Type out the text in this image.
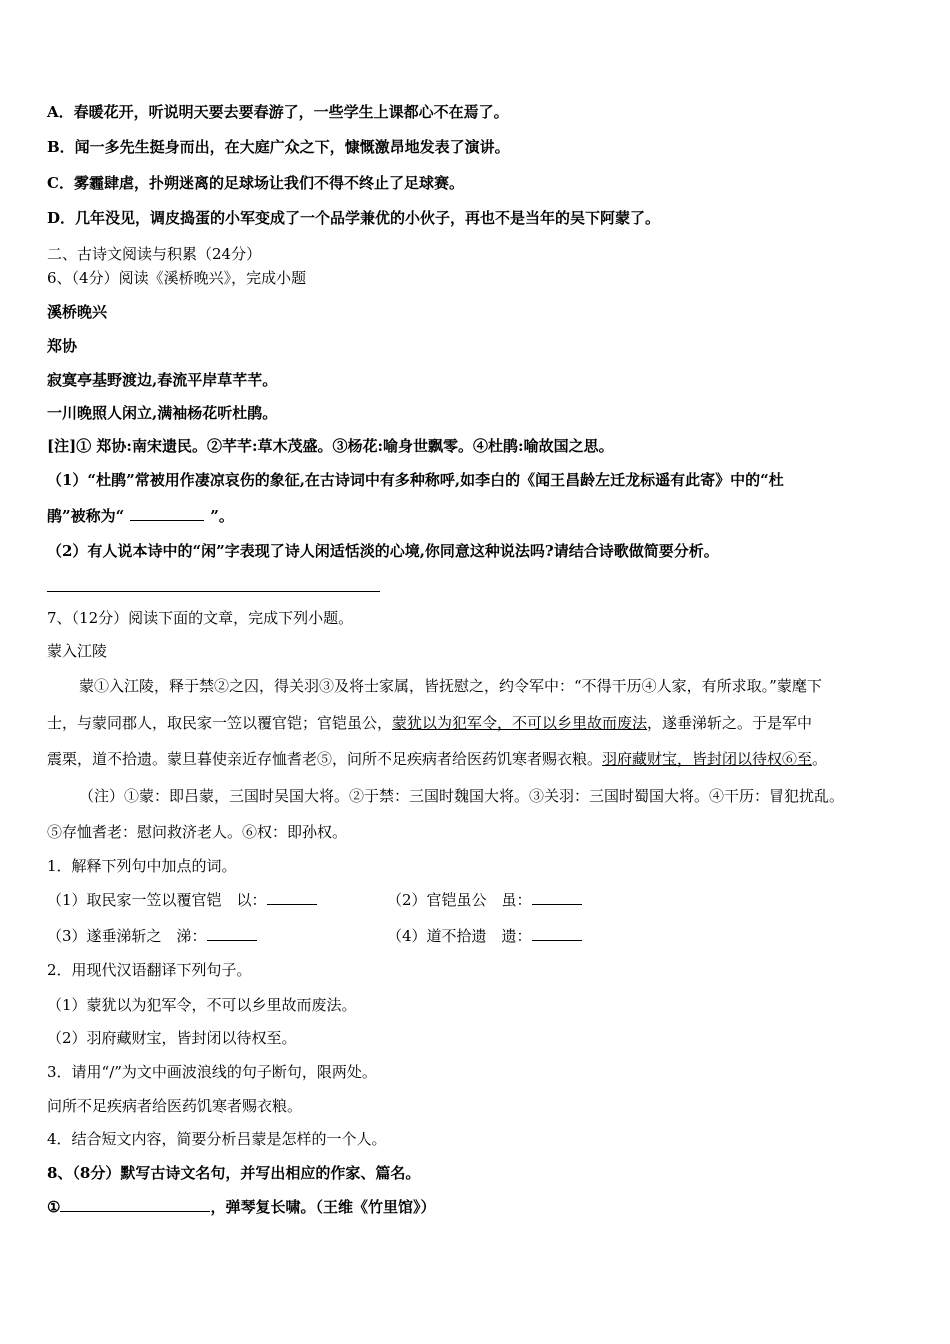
A．春暖花开，听说明天要去要春游了，一些学生上课都心不在焉了。
B．闻一多先生挺身而出，在大庭广众之下，慷慨激昂地发表了演讲。
C．雾霾肆虐，扑朔迷离的足球场让我们不得不终止了足球赛。
D．几年没见，调皮捣蛋的小军变成了一个品学兼优的小伙子，再也不是当年的吴下阿蒙了。
二、古诗文阅读与积累（24分）
6、（4分）阅读《溪桥晚兴》，完成小题
溪桥晚兴
郑协
寂寞亭基野渡边,春流平岸草芊芊。
一川晚照人闲立,满袖杨花听杜鹃。
[注]① 郑协:南宋遗民。②芊芊:草木茂盛。③杨花:喻身世飘零。④杜鹃:喻故国之思。
（1）“杜鹃”常被用作凄凉哀伤的象征,在古诗词中有多种称呼,如李白的《闻王昌龄左迁龙标遥有此寄》中的“杜
鹃”被称为“	”。
（2）有人说本诗中的“闲”字表现了诗人闲适恬淡的心境,你同意这种说法吗?请结合诗歌做简要分析。
7、（12分）阅读下面的文章，完成下列小题。
蒙入江陵
蒙①入江陵，释于禁②之囚，得关羽③及将士家属，皆抚慰之，约令军中：“不得干历④人家，有所求取。”蒙麾下
士，与蒙同郡人，取民家一笠以覆官铠；官铠虽公，蒙犹以为犯军令，不可以乡里故而废法，遂垂涕斩之。于是军中
震栗，道不拾遗。蒙旦暮使亲近存恤耆老⑤，问所不足疾病者给医药饥寒者赐衣粮。羽府藏财宝，皆封闭以待权⑥至。
（注）①蒙：即吕蒙，三国时吴国大将。②于禁：三国时魏国大将。③关羽：三国时蜀国大将。④干历：冒犯扰乱。
⑤存恤耆老：慰问救济老人。⑥权：即孙权。
1．解释下列句中加点的词。
（1）取民家一笠以覆官铠　以：	（2）官铠虽公　虽：
（3）遂垂涕斩之　涕：	（4）道不拾遗　遗：
2．用现代汉语翻译下列句子。
（1）蒙犹以为犯军令，不可以乡里故而废法。
（2）羽府藏财宝，皆封闭以待权至。
3．请用“/”为文中画波浪线的句子断句，限两处。
问所不足疾病者给医药饥寒者赐衣粮。
4．结合短文内容，简要分析吕蒙是怎样的一个人。
8、（8分）默写古诗文名句，并写出相应的作家、篇名。
①	，弹琴复长啸。（王维《竹里馆》）
